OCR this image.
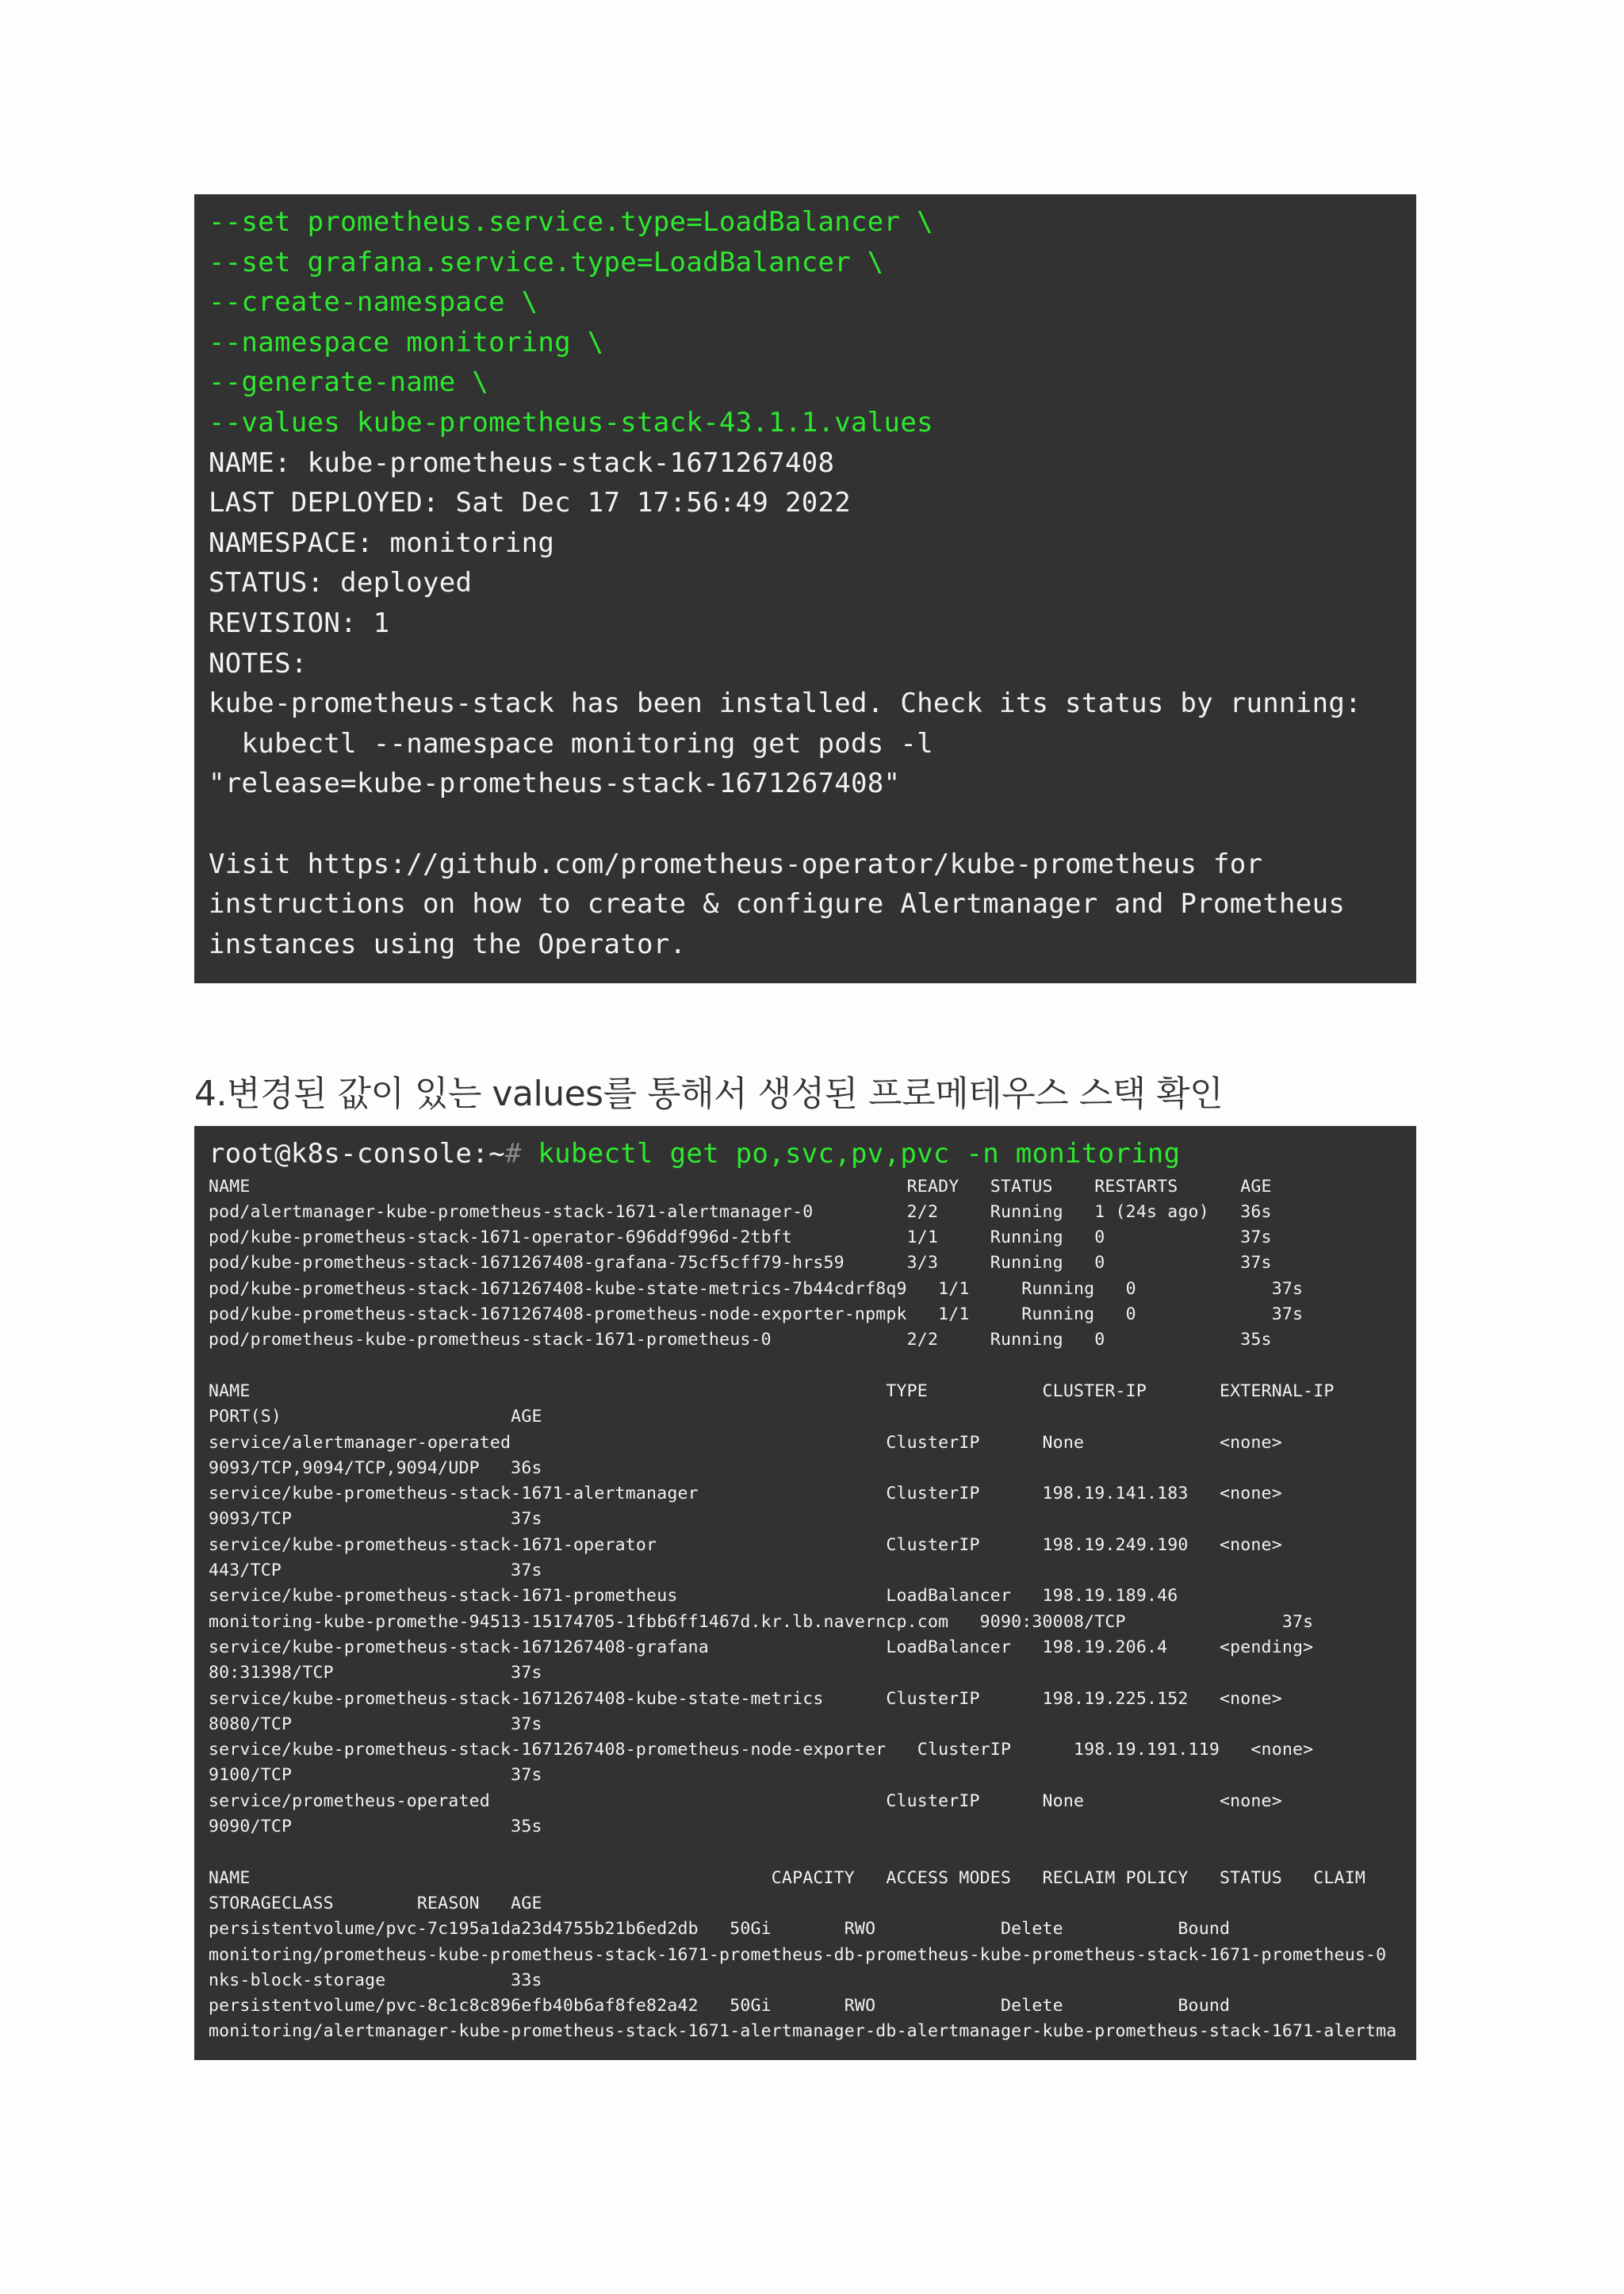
--set prometheus.service.type=LoadBalancer \
--set grafana.service.type=LoadBalancer \
--create-namespace \
--namespace monitoring \
--generate-name \
--values kube-prometheus-stack-43.1.1.values
NAME: kube-prometheus-stack-1671267408
LAST DEPLOYED: Sat Dec 17 17:56:49 2022
NAMESPACE: monitoring
STATUS: deployed
REVISION: 1
NOTES:
kube-prometheus-stack has been installed. Check its status by running:
kubectl --namespace monitoring get pods -l
"release=kube-prometheus-stack-1671267408"
Visit https://github.com/prometheus-operator/kube-prometheus for
instructions on how to create & configure Alertmanager and Prometheus
instances using the Operator.
4.변경된 값이 있는 values를 통해서 생성된 프로메테우스 스택 확인
root@k8s-console:~# kubectl get po,svc,pv,pvc -n monitoring
NAME                                                               READY   STATUS    RESTARTS      AGE
pod/alertmanager-kube-prometheus-stack-1671-alertmanager-0         2/2     Running   1 (24s ago)   36s
pod/kube-prometheus-stack-1671-operator-696ddf996d-2tbft           1/1     Running   0             37s
pod/kube-prometheus-stack-1671267408-grafana-75cf5cff79-hrs59      3/3     Running   0             37s
pod/kube-prometheus-stack-1671267408-kube-state-metrics-7b44cdrf8q9   1/1     Running   0             37s
pod/kube-prometheus-stack-1671267408-prometheus-node-exporter-npmpk   1/1     Running   0             37s
pod/prometheus-kube-prometheus-stack-1671-prometheus-0             2/2     Running   0             35s
NAME                                                             TYPE           CLUSTER-IP       EXTERNAL-IP
PORT(S)                      AGE
service/alertmanager-operated                                    ClusterIP      None             <none>
9093/TCP,9094/TCP,9094/UDP   36s
service/kube-prometheus-stack-1671-alertmanager                  ClusterIP      198.19.141.183   <none>
9093/TCP                     37s
service/kube-prometheus-stack-1671-operator                      ClusterIP      198.19.249.190   <none>
443/TCP                      37s
service/kube-prometheus-stack-1671-prometheus                    LoadBalancer   198.19.189.46
monitoring-kube-promethe-94513-15174705-1fbb6ff1467d.kr.lb.naverncp.com   9090:30008/TCP               37s
service/kube-prometheus-stack-1671267408-grafana                 LoadBalancer   198.19.206.4     <pending>
80:31398/TCP                 37s
service/kube-prometheus-stack-1671267408-kube-state-metrics      ClusterIP      198.19.225.152   <none>
8080/TCP                     37s
service/kube-prometheus-stack-1671267408-prometheus-node-exporter   ClusterIP      198.19.191.119   <none>
9100/TCP                     37s
service/prometheus-operated                                      ClusterIP      None             <none>
9090/TCP                     35s
NAME                                                  CAPACITY   ACCESS MODES   RECLAIM POLICY   STATUS   CLAIM
STORAGECLASS        REASON   AGE
persistentvolume/pvc-7c195a1da23d4755b21b6ed2db   50Gi       RWO            Delete           Bound
monitoring/prometheus-kube-prometheus-stack-1671-prometheus-db-prometheus-kube-prometheus-stack-1671-prometheus-0
nks-block-storage            33s
persistentvolume/pvc-8c1c8c896efb40b6af8fe82a42   50Gi       RWO            Delete           Bound
monitoring/alertmanager-kube-prometheus-stack-1671-alertmanager-db-alertmanager-kube-prometheus-stack-1671-alertma
